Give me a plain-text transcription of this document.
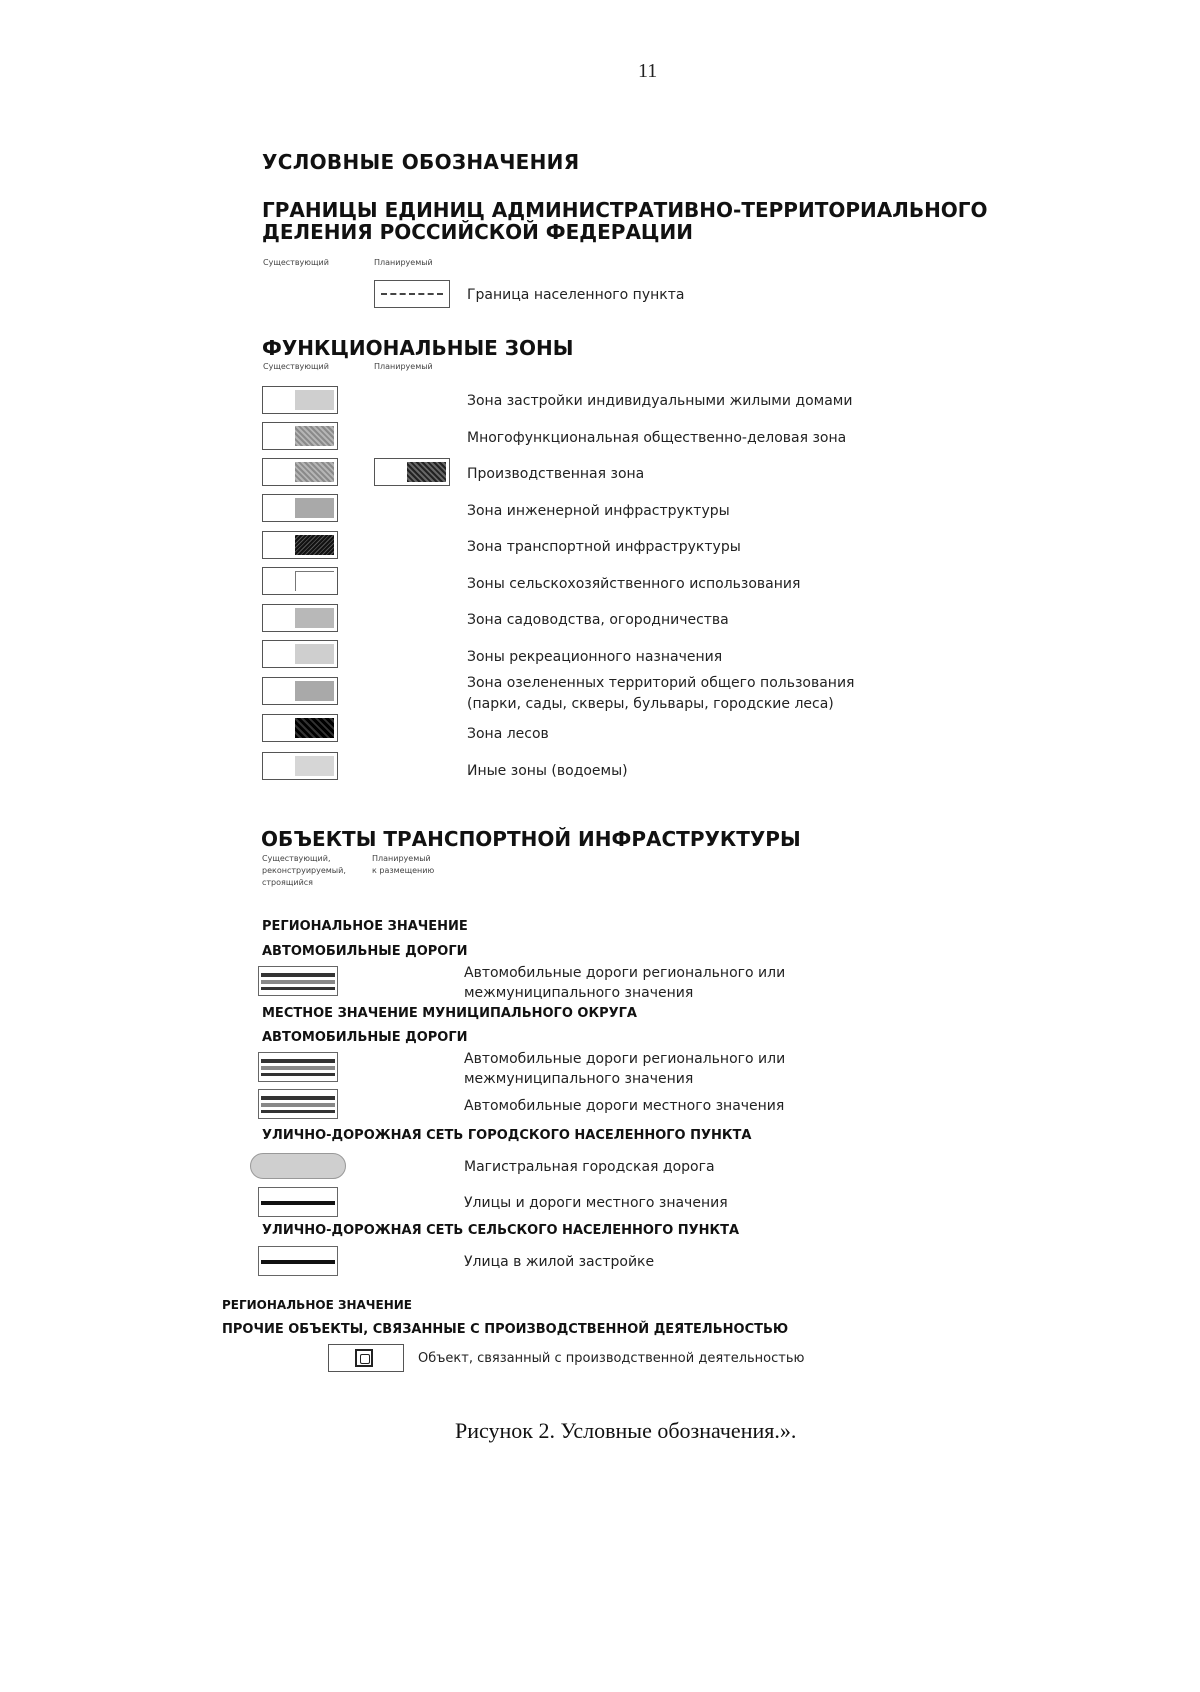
11
УСЛОВНЫЕ ОБОЗНАЧЕНИЯ
ГРАНИЦЫ ЕДИНИЦ АДМИНИСТРАТИВНО-ТЕРРИТОРИАЛЬНОГО
ДЕЛЕНИЯ РОССИЙСКОЙ ФЕДЕРАЦИИ
Существующий	Планируемый
Граница населенного пункта
ФУНКЦИОНАЛЬНЫЕ ЗОНЫ
Существующий	Планируемый
Зона застройки индивидуальными жилыми домами
Многофункциональная общественно-деловая зона
Производственная зона
Зона инженерной инфраструктуры
Зона транспортной инфраструктуры
Зоны сельскохозяйственного использования
Зона садоводства, огородничества
Зоны рекреационного назначения
Зона озелененных территорий общего пользования
(парки, сады, скверы, бульвары, городские леса)
Зона лесов
Иные зоны (водоемы)
ОБЪЕКТЫ ТРАНСПОРТНОЙ ИНФРАСТРУКТУРЫ
Существующий,
реконструируемый,
строящийся
Планируемый
к размещению
РЕГИОНАЛЬНОЕ ЗНАЧЕНИЕ
АВТОМОБИЛЬНЫЕ ДОРОГИ
Автомобильные дороги регионального или
межмуниципального значения
МЕСТНОЕ ЗНАЧЕНИЕ МУНИЦИПАЛЬНОГО ОКРУГА
АВТОМОБИЛЬНЫЕ ДОРОГИ
Автомобильные дороги регионального или
межмуниципального значения
Автомобильные дороги местного значения
УЛИЧНО-ДОРОЖНАЯ СЕТЬ ГОРОДСКОГО НАСЕЛЕННОГО ПУНКТА
Магистральная городская дорога
Улицы и дороги местного значения
УЛИЧНО-ДОРОЖНАЯ СЕТЬ СЕЛЬСКОГО НАСЕЛЕННОГО ПУНКТА
Улица в жилой застройке
РЕГИОНАЛЬНОЕ ЗНАЧЕНИЕ
ПРОЧИЕ ОБЪЕКТЫ, СВЯЗАННЫЕ С ПРОИЗВОДСТВЕННОЙ ДЕЯТЕЛЬНОСТЬЮ
Объект, связанный с производственной деятельностью
Рисунок 2. Условные обозначения.».
